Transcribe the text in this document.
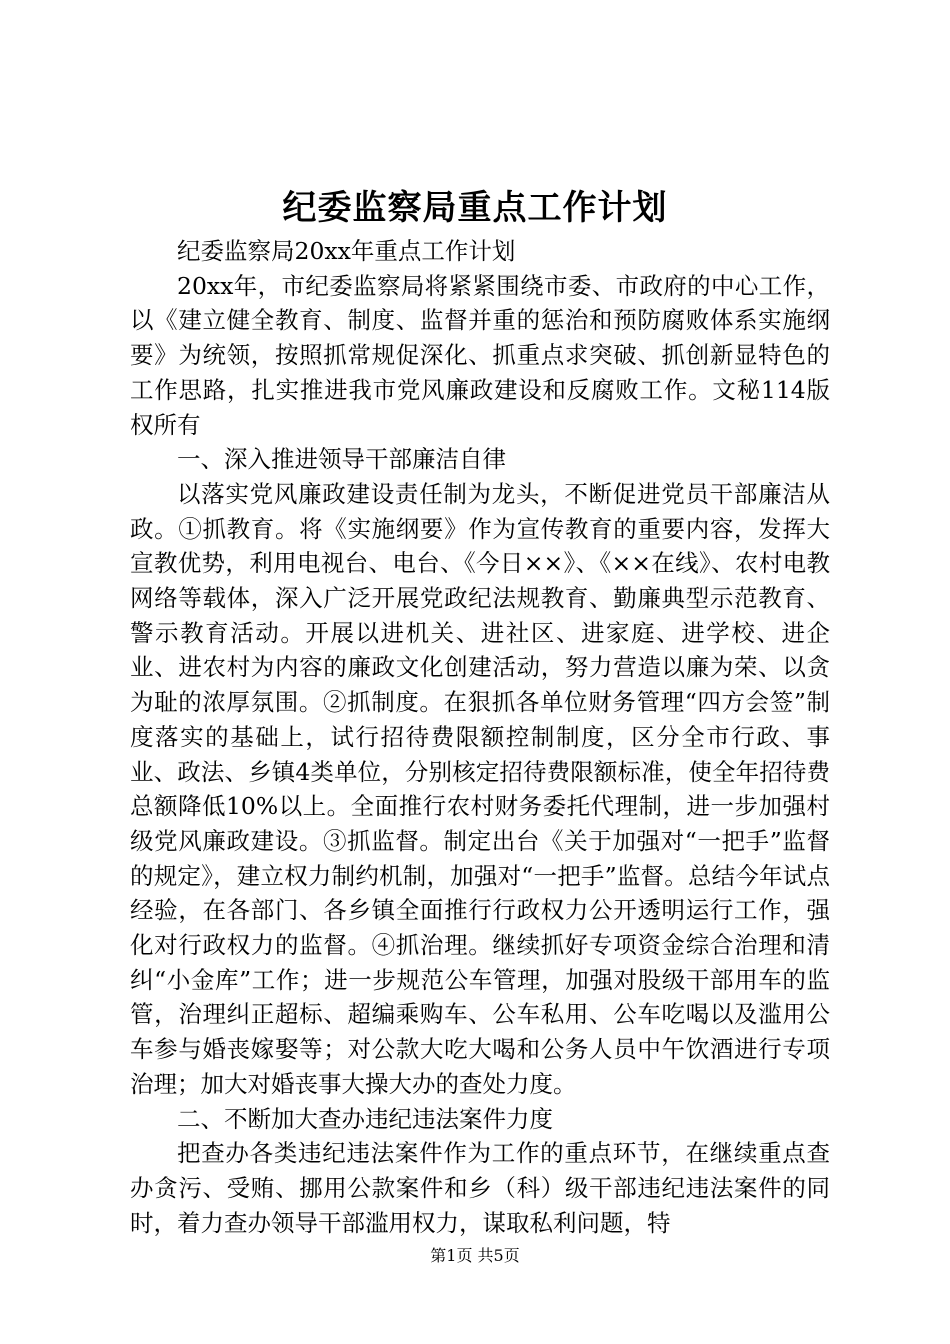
纪委监察局重点工作计划

纪委监察局20xx年重点工作计划

20xx年，市纪委监察局将紧紧围绕市委、市政府的中心工作，以《建立健全教育、制度、监督并重的惩治和预防腐败体系实施纲要》为统领，按照抓常规促深化、抓重点求突破、抓创新显特色的工作思路，扎实推进我市党风廉政建设和反腐败工作。文秘114版权所有

一、深入推进领导干部廉洁自律

以落实党风廉政建设责任制为龙头，不断促进党员干部廉洁从政。①抓教育。将《实施纲要》作为宣传教育的重要内容，发挥大宣教优势，利用电视台、电台、《今日××》、《××在线》、农村电教网络等载体，深入广泛开展党政纪法规教育、勤廉典型示范教育、警示教育活动。开展以进机关、进社区、进家庭、进学校、进企业、进农村为内容的廉政文化创建活动，努力营造以廉为荣、以贪为耻的浓厚氛围。②抓制度。在狠抓各单位财务管理“四方会签”制度落实的基础上，试行招待费限额控制制度，区分全市行政、事业、政法、乡镇4类单位，分别核定招待费限额标准，使全年招待费总额降低10%以上。全面推行农村财务委托代理制，进一步加强村级党风廉政建设。③抓监督。制定出台《关于加强对“一把手”监督的规定》，建立权力制约机制，加强对“一把手”监督。总结今年试点经验，在各部门、各乡镇全面推行行政权力公开透明运行工作，强化对行政权力的监督。④抓治理。继续抓好专项资金综合治理和清纠“小金库”工作；进一步规范公车管理，加强对股级干部用车的监管，治理纠正超标、超编乘购车、公车私用、公车吃喝以及滥用公车参与婚丧嫁娶等；对公款大吃大喝和公务人员中午饮酒进行专项治理；加大对婚丧事大操大办的查处力度。

二、不断加大查办违纪违法案件力度

把查办各类违纪违法案件作为工作的重点环节，在继续重点查办贪污、受贿、挪用公款案件和乡（科）级干部违纪违法案件的同时，着力查办领导干部滥用权力，谋取私利问题，特

第1页 共5页
